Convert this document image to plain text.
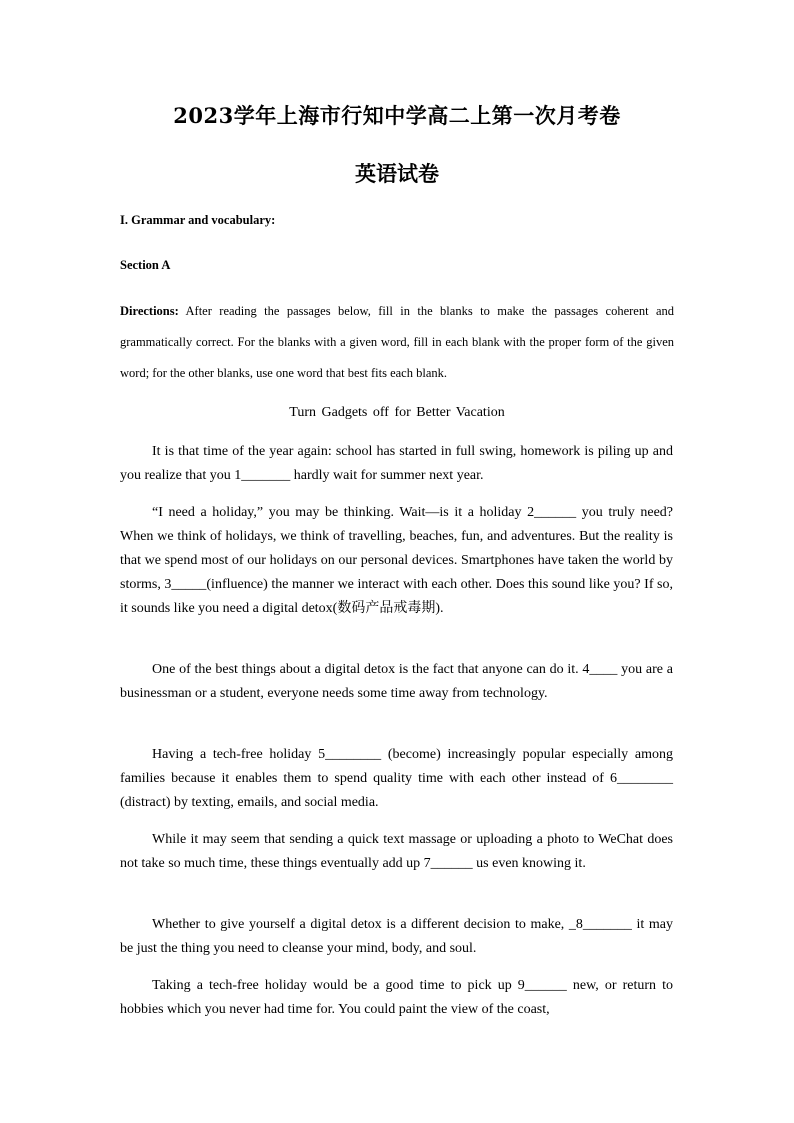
2023学年上海市行知中学高二上第一次月考卷
英语试卷
I. Grammar and vocabulary:
Section A
Directions: After reading the passages below, fill in the blanks to make the passages coherent and grammatically correct. For the blanks with a given word, fill in each blank with the proper form of the given word; for the other blanks, use one word that best fits each blank.
Turn Gadgets off for Better Vacation

It is that time of the year again: school has started in full swing, homework is piling up and you realize that you 1_______ hardly wait for summer next year.

“I need a holiday,” you may be thinking. Wait—is it a holiday 2______ you truly need? When we think of holidays, we think of travelling, beaches, fun, and adventures. But the reality is that we spend most of our holidays on our personal devices. Smartphones have taken the world by storms, 3_____(influence) the manner we interact with each other. Does this sound like you? If so, it sounds like you need a digital detox(数码产品戒毒期).

One of the best things about a digital detox is the fact that anyone can do it. 4____ you are a businessman or a student, everyone needs some time away from technology.

Having a tech-free holiday 5________ (become) increasingly popular especially among families because it enables them to spend quality time with each other instead of 6________ (distract) by texting, emails, and social media.

While it may seem that sending a quick text massage or uploading a photo to WeChat does not take so much time, these things eventually add up 7______ us even knowing it.

Whether to give yourself a digital detox is a different decision to make, _8_______ it may be just the thing you need to cleanse your mind, body, and soul.

Taking a tech-free holiday would be a good time to pick up 9______ new, or return to hobbies which you never had time for. You could paint the view of the coast,
